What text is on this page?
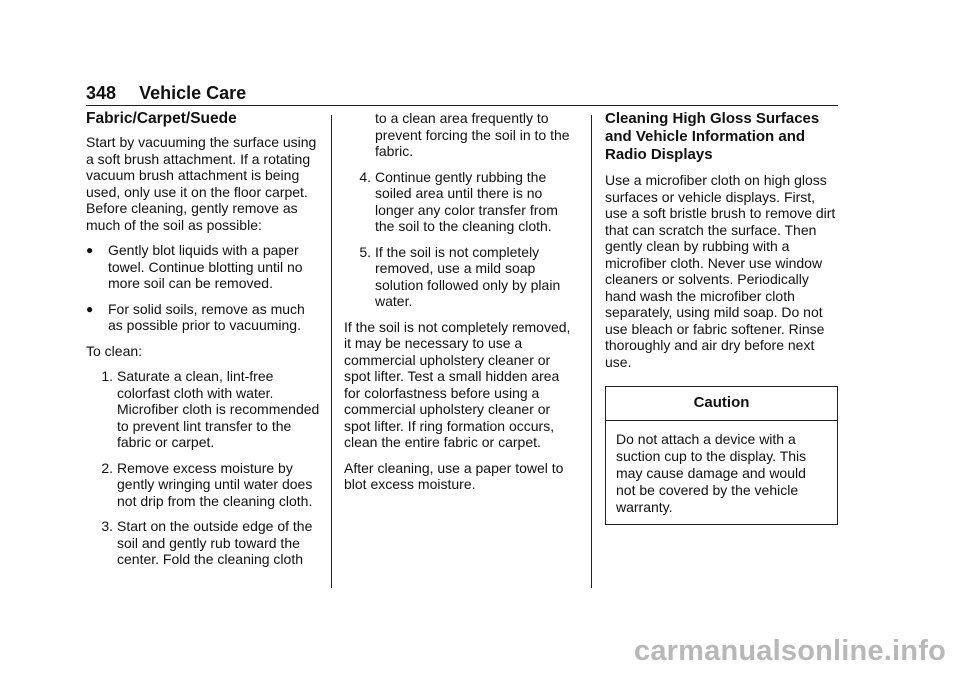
348 Vehicle Care
Fabric/Carpet/Suede

Start by vacuuming the surface using a soft brush attachment. If a rotating vacuum brush attachment is being used, only use it on the floor carpet. Before cleaning, gently remove as much of the soil as possible:

● Gently blot liquids with a paper towel. Continue blotting until no more soil can be removed.
● For solid soils, remove as much as possible prior to vacuuming.

To clean:

1. Saturate a clean, lint-free colorfast cloth with water. Microfiber cloth is recommended to prevent lint transfer to the fabric or carpet.
2. Remove excess moisture by gently wringing until water does not drip from the cleaning cloth.
3. Start on the outside edge of the soil and gently rub toward the center. Fold the cleaning cloth
to a clean area frequently to prevent forcing the soil in to the fabric.
4. Continue gently rubbing the soiled area until there is no longer any color transfer from the soil to the cleaning cloth.
5. If the soil is not completely removed, use a mild soap solution followed only by plain water.

If the soil is not completely removed, it may be necessary to use a commercial upholstery cleaner or spot lifter. Test a small hidden area for colorfastness before using a commercial upholstery cleaner or spot lifter. If ring formation occurs, clean the entire fabric or carpet.

After cleaning, use a paper towel to blot excess moisture.

Cleaning High Gloss Surfaces and Vehicle Information and Radio Displays

Use a microfiber cloth on high gloss surfaces or vehicle displays. First, use a soft bristle brush to remove dirt that can scratch the surface. Then gently clean by rubbing with a microfiber cloth. Never use window cleaners or solvents. Periodically hand wash the microfiber cloth separately, using mild soap. Do not use bleach or fabric softener. Rinse thoroughly and air dry before next use.

Caution
Do not attach a device with a suction cup to the display. This may cause damage and would not be covered by the vehicle warranty.
carmanualsonline.info
